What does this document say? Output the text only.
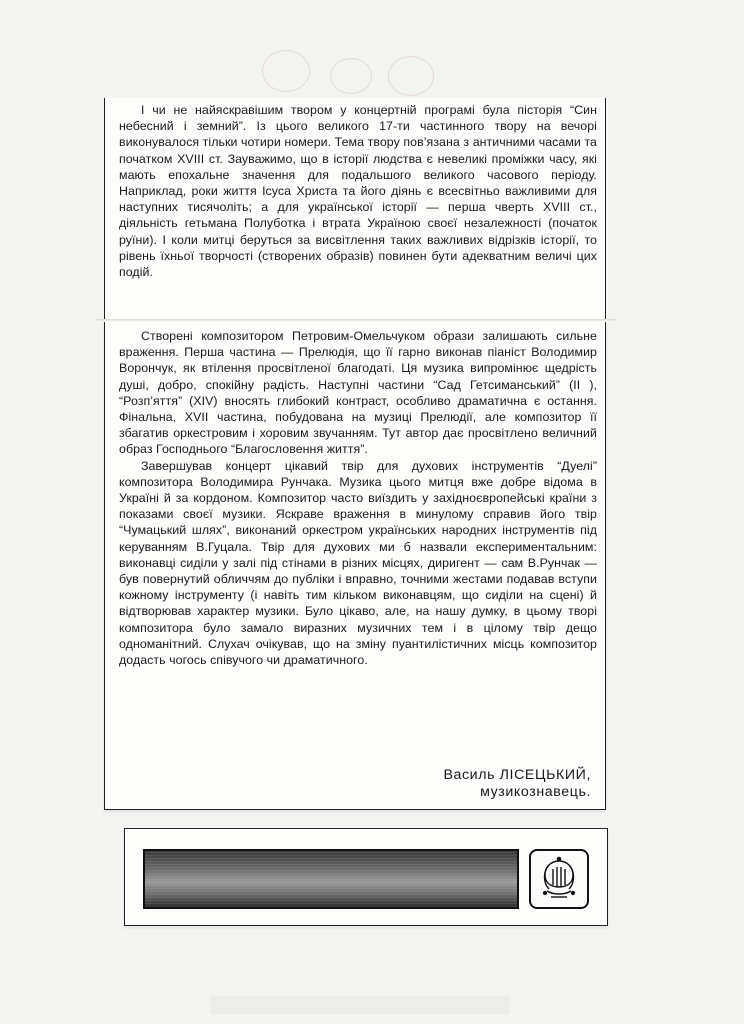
І чи не найяскравішим твором у концертній програмі була пісторія “Син небесний і земний”. Із цього великого 17-ти частинного твору на вечорі виконувалося тільки чотири номери. Тема твору пов’язана з античними часами та початком XVIII ст. Зауважимо, що в історії людства є невеликі проміжки часу, які мають епохальне значення для подальшого великого часового періоду. Наприклад, роки життя Ісуса Христа та його діянь є всесвітньо важливими для наступних тисячоліть; а для української історії — перша чверть XVIII ст., діяльність гетьмана Полуботка і втрата Україною своєї незалежності (початок руїни). І коли митці беруться за висвітлення таких важливих відрізків історії, то рівень їхньої творчості (створених образів) повинен бути адекватним величі цих подій.

Створені композитором Петровим-Омельчуком образи залишають сильне враження. Перша частина — Прелюдія, що її гарно виконав піаніст Володимир Ворончук, як втілення просвітленої благодаті. Ця музика випромінює щедрість душі, добро, спокійну радість. Наступні частини “Сад Гетсиманський” (II ), “Розп’яття” (XIV) вносять глибокий контраст, особливо драматична є остання. Фінальна, XVII частина, побудована на музиці Прелюдії, але композитор її збагатив оркестровим і хоровим звучанням. Тут автор дає просвітлено величний образ Господнього “Благословення життя”.

Завершував концерт цікавий твір для духових інструментів “Дуелі” композитора Володимира Рунчака. Музика цього митця вже добре відома в Україні й за кордоном. Композитор часто виїздить у західноєвропейські країни з показами своєї музики. Яскраве враження в минулому справив його твір “Чумацький шлях”, виконаний оркестром українських народних інструментів під керуванням В.Гуцала. Твір для духових ми б назвали експериментальним: виконавці сиділи у залі під стінами в різних місцях, диригент — сам В.Рунчак — був повернутий обличчям до публіки і вправно, точними жестами подавав вступи кожному інструменту (і навіть тим кільком виконавцям, що сиділи на сцені) й відтворював характер музики. Було цікаво, але, на нашу думку, в цьому творі композитора було замало виразних музичних тем і в цілому твір дещо одноманітний. Слухач очікував, що на зміну пуантилістичних місць композитор додасть чогось співучого чи драматичного.

Василь ЛІСЕЦЬКИЙ,
музикознавець.
